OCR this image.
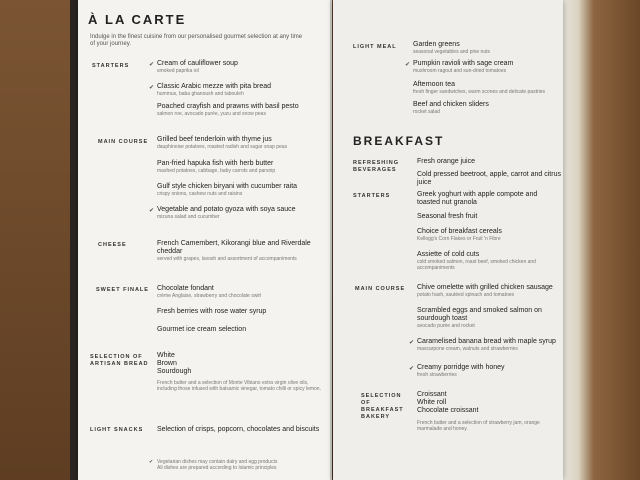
À LA CARTE
Indulge in the finest cuisine from our personalised gourmet selection at any time of your journey.
STARTERS	Cream of cauliflower soup
smoked paprika oil
✔
Classic Arabic mezze with pita bread
hummus, baba ghanoush and tabouleh
✔
Poached crayfish and prawns with basil pesto
salmon roe, avocado purée, yuzu and snow peas
MAIN COURSE Grilled beef tenderloin with thyme jus
dauphinoise potatoes, roasted radish and sugar snap peas
Pan-fried hapuka fish with herb butter
mashed potatoes, cabbage, baby carrots and parsnip
Gulf style chicken biryani with cucumber raita
crispy onions, cashew nuts and raisins
Vegetable and potato gyoza with soya sauce
mizuna salad and cucumber
✔
CHEESE	French Camembert, Kikorangi blue and Riverdale cheddar
served with grapes, lavosh and assortment of accompaniments
SWEET FINALE Chocolate fondant
crème Anglaise, strawberry and chocolate swirl
Fresh berries with rose water syrup
Gourmet ice cream selection
SELECTION OF ARTISAN BREAD
White
Brown
Sourdough
French butter and a selection of Monte Vibiano extra virgin olive oils, including those infused with balsamic vinegar, tomato chilli or spicy lemon.
LIGHT SNACKS Selection of crisps, popcorn, chocolates and biscuits
✔ Vegetarian dishes may contain dairy and egg products
All dishes are prepared according to Islamic principles
LIGHT MEAL Garden greens
seasonal vegetables and pine nuts
✔ Pumpkin ravioli with sage cream
mushroom ragout and sun-dried tomatoes
Afternoon tea
fresh finger sandwiches, warm scones and delicate pastries
Beef and chicken sliders
rocket salad
BREAKFAST
REFRESHING BEVERAGES
Fresh orange juice
Cold pressed beetroot, apple, carrot and citrus juice
STARTERS	Greek yoghurt with apple compote and toasted nut granola
Seasonal fresh fruit
Choice of breakfast cereals
Kellogg's Corn Flakes or Fruit 'n Fibre
Assiette of cold cuts
cold smoked salmon, roast beef, smoked chicken and accompaniments
MAIN COURSE Chive omelette with grilled chicken sausage
potato hash, sautéed spinach and tomatoes
Scrambled eggs and smoked salmon on sourdough toast
avocado purée and rocket
✔ Caramelised banana bread with maple syrup
mascarpone cream, walnuts and strawberries
✔ Creamy porridge with honey
fresh strawberries
SELECTION OF BREAKFAST BAKERY
Croissant
White roll
Chocolate croissant
French butter and a selection of strawberry jam, orange marmalade and honey.
